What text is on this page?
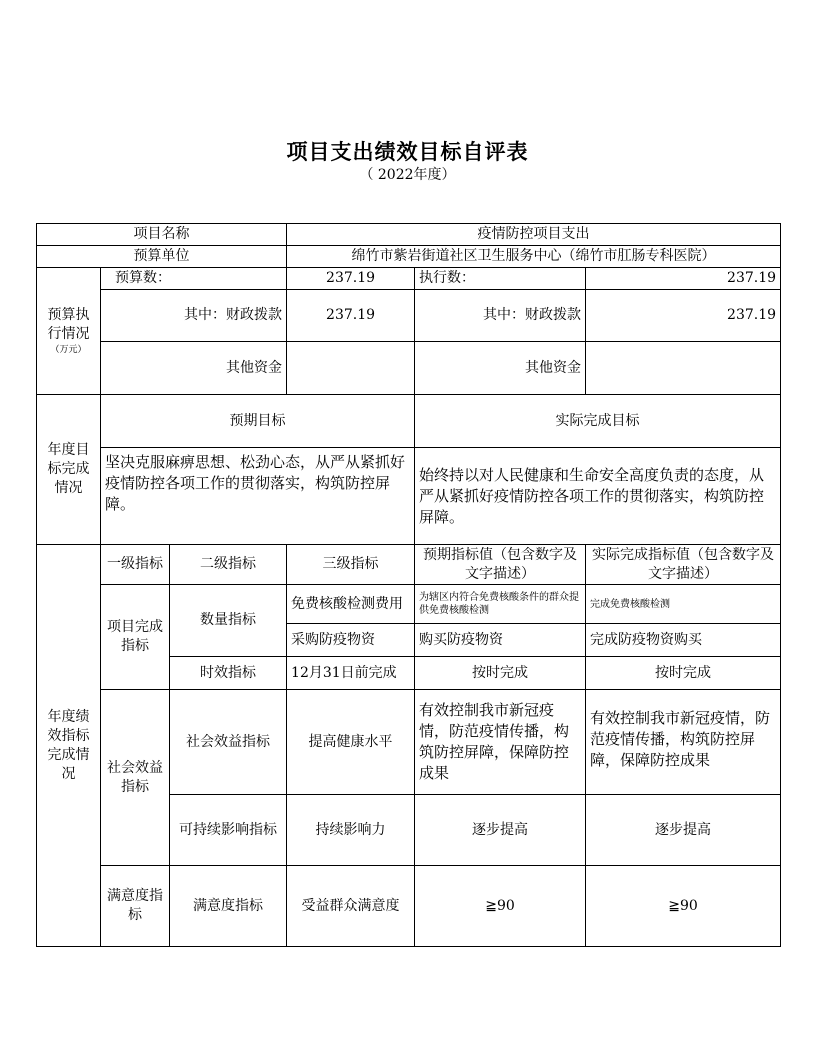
项目支出绩效目标自评表
（ 2022年度）
项目名称			疫情防控项目支出		
预算单位			绵竹市紫岩街道社区卫生服务中心（绵竹市肛肠专科医院）		
预算执行情况
（万元）	预算数：		237.19	执行数：	237.19
	其中：财政拨款		237.19	其中：财政拨款	237.19
	其他资金			其他资金	
年度目标完成情况	预期目标			实际完成目标	
	坚决克服麻痹思想、松劲心态，从严从紧抓好疫情防控各项工作的贯彻落实，构筑防控屏障。			始终持以对人民健康和生命安全高度负责的态度，从严从紧抓好疫情防控各项工作的贯彻落实，构筑防控屏障。	
年度绩效指标完成情况	一级指标	二级指标	三级指标	预期指标值（包含数字及文字描述）	实际完成指标值（包含数字及文字描述）
	项目完成指标	数量指标	免费核酸检测费用	为辖区内符合免费核酸条件的群众提供免费核酸检测	完成免费核酸检测
			采购防疫物资	购买防疫物资	完成防疫物资购买
		时效指标	12月31日前完成	按时完成	按时完成
	社会效益指标	社会效益指标	提高健康水平	有效控制我市新冠疫情，防范疫情传播，构筑防控屏障，保障防控成果	有效控制我市新冠疫情，防范疫情传播，构筑防控屏障，保障防控成果
		可持续影响指标	持续影响力	逐步提高	逐步提高
	满意度指标	满意度指标	受益群众满意度	≧90	≧90
